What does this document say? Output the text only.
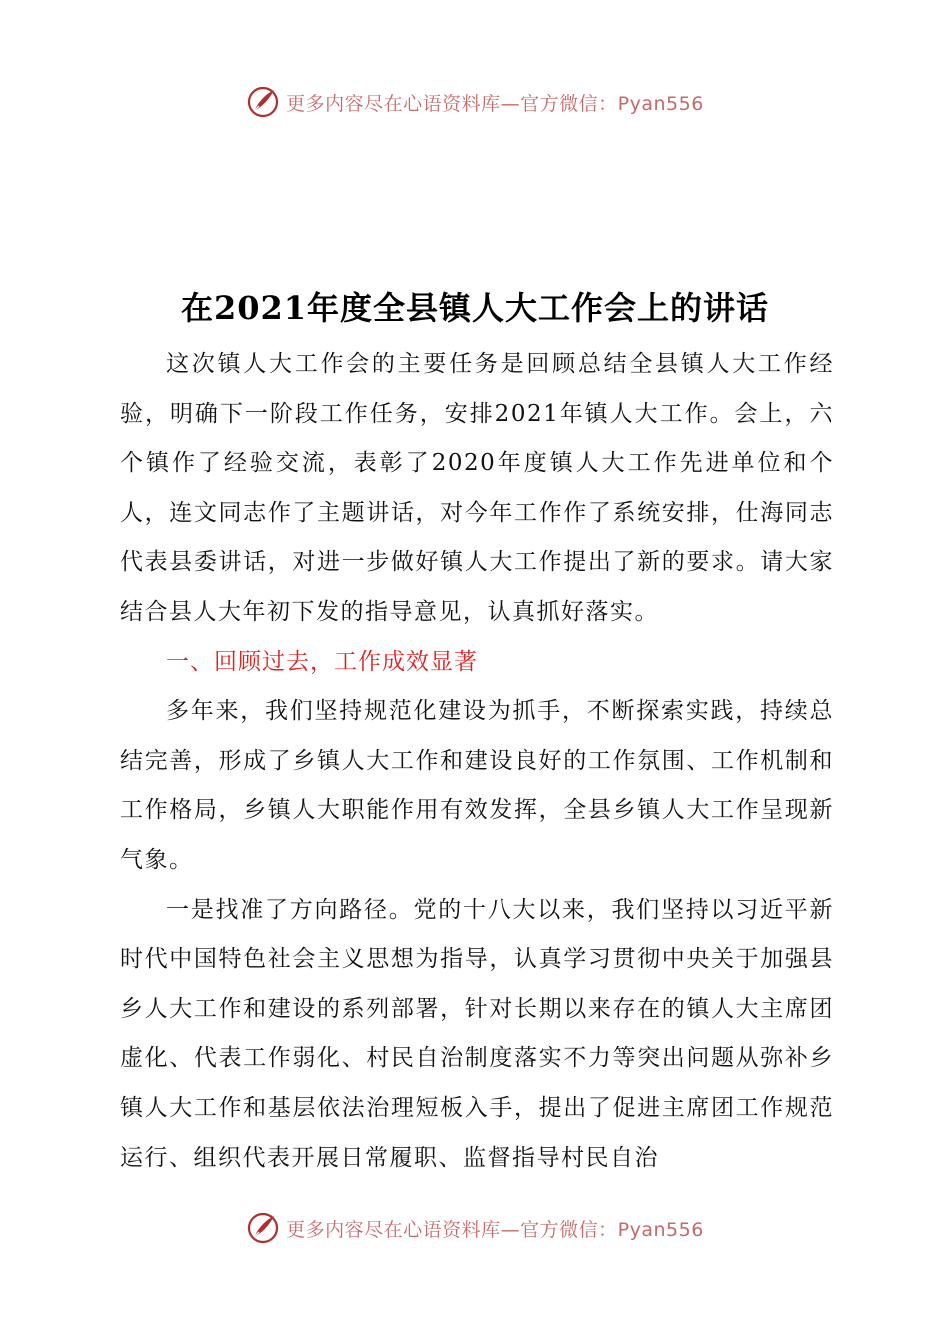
更多内容尽在心语资料库—官方微信：Pyan556
在2021年度全县镇人大工作会上的讲话

这次镇人大工作会的主要任务是回顾总结全县镇人大工作经验，明确下一阶段工作任务，安排2021年镇人大工作。会上，六个镇作了经验交流，表彰了2020年度镇人大工作先进单位和个人，连文同志作了主题讲话，对今年工作作了系统安排，仕海同志代表县委讲话，对进一步做好镇人大工作提出了新的要求。请大家结合县人大年初下发的指导意见，认真抓好落实。

一、回顾过去，工作成效显著

多年来，我们坚持规范化建设为抓手，不断探索实践，持续总结完善，形成了乡镇人大工作和建设良好的工作氛围、工作机制和工作格局，乡镇人大职能作用有效发挥，全县乡镇人大工作呈现新气象。

一是找准了方向路径。党的十八大以来，我们坚持以习近平新时代中国特色社会主义思想为指导，认真学习贯彻中央关于加强县乡人大工作和建设的系列部署，针对长期以来存在的镇人大主席团虚化、代表工作弱化、村民自治制度落实不力等突出问题从弥补乡镇人大工作和基层依法治理短板入手，提出了促进主席团工作规范运行、组织代表开展日常履职、监督指导村民自治

更多内容尽在心语资料库—官方微信：Pyan556
